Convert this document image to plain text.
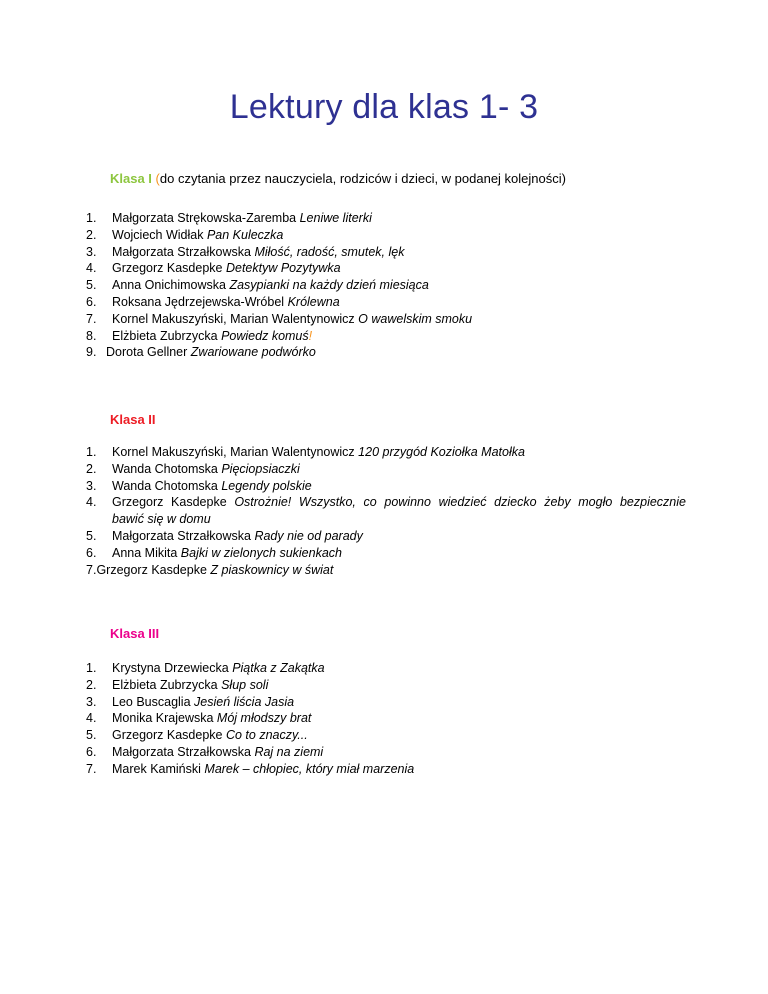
Lektury dla klas 1- 3
Klasa I (do czytania przez nauczyciela, rodziców i dzieci, w podanej kolejności)
1. Małgorzata Strękowska-Zaremba Leniwe literki
2. Wojciech Widłak Pan Kuleczka
3. Małgorzata Strzałkowska Miłość, radość, smutek, lęk
4. Grzegorz Kasdepke Detektyw Pozytywka
5. Anna Onichimowska Zasypianki na każdy dzień miesiąca
6. Roksana Jędrzejewska-Wróbel Królewna
7. Kornel Makuszyński, Marian Walentynowicz O wawelskim smoku
8. Elżbieta Zubrzycka Powiedz komuś!
9. Dorota Gellner Zwariowane podwórko
Klasa II
1. Kornel Makuszyński, Marian Walentynowicz 120 przygód Koziołka Matołka
2. Wanda Chotomska Pięciopsiaczki
3. Wanda Chotomska Legendy polskie
4. Grzegorz Kasdepke Ostrożnie! Wszystko, co powinno wiedzieć dziecko żeby mogło bezpiecznie
bawić się w domu
5. Małgorzata Strzałkowska Rady nie od parady
6. Anna Mikita Bajki w zielonych sukienkach
7.Grzegorz Kasdepke Z piaskownicy w świat
Klasa III
1. Krystyna Drzewiecka Piątka z Zakątka
2. Elżbieta Zubrzycka Słup soli
3. Leo Buscaglia Jesień liścia Jasia
4. Monika Krajewska Mój młodszy brat
5. Grzegorz Kasdepke Co to znaczy...
6. Małgorzata Strzałkowska Raj na ziemi
7. Marek Kamiński Marek – chłopiec, który miał marzenia
